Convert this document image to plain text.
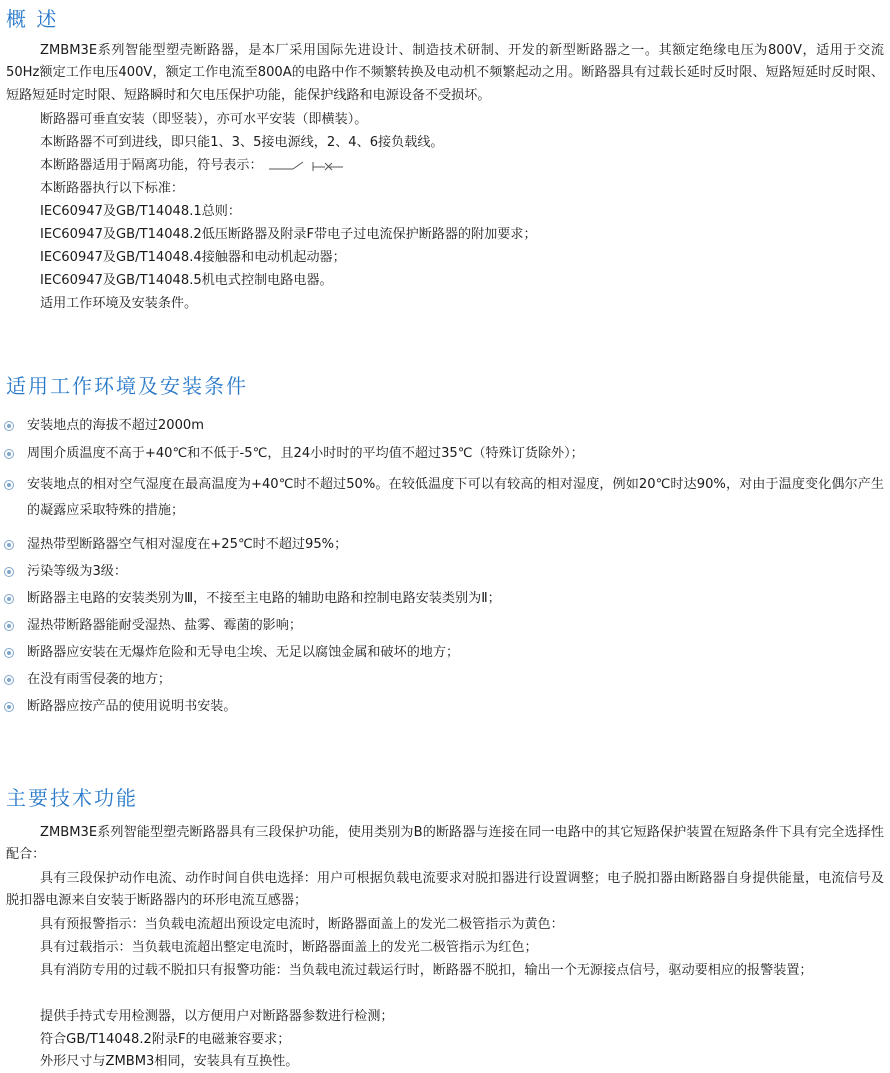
概 述

ZMBM3E系列智能型塑壳断路器，是本厂采用国际先进设计、制造技术研制、开发的新型断路器之一。其额定绝缘电压为800V，适用于交流50Hz额定工作电压400V，额定工作电流至800A的电路中作不频繁转换及电动机不频繁起动之用。断路器具有过载长延时反时限、短路短延时反时限、短路短延时定时限、短路瞬时和欠电压保护功能，能保护线路和电源设备不受损坏。

断路器可垂直安装（即竖装），亦可水平安装（即横装）。

本断路器不可到进线，即只能1、3、5接电源线，2、4、6接负载线。

本断路器适用于隔离功能，符号表示：

本断路器执行以下标准：

IEC60947及GB/T14048.1总则：

IEC60947及GB/T14048.2低压断路器及附录F带电子过电流保护断路器的附加要求；

IEC60947及GB/T14048.4接触器和电动机起动器；

IEC60947及GB/T14048.5机电式控制电路电器。

适用工作环境及安装条件。

适用工作环境及安装条件
安装地点的海拔不超过2000m
周围介质温度不高于+40℃和不低于-5℃，且24小时时的平均值不超过35℃（特殊订货除外）；
安装地点的相对空气湿度在最高温度为+40℃时不超过50%。在较低温度下可以有较高的相对湿度，例如20℃时达90%，对由于温度变化偶尔产生的凝露应采取特殊的措施；
湿热带型断路器空气相对湿度在+25℃时不超过95%；
污染等级为3级：
断路器主电路的安装类别为Ⅲ，不接至主电路的辅助电路和控制电路安装类别为Ⅱ；
湿热带断路器能耐受湿热、盐雾、霉菌的影响；
断路器应安装在无爆炸危险和无导电尘埃、无足以腐蚀金属和破坏的地方；
在没有雨雪侵袭的地方；
断路器应按产品的使用说明书安装。
主要技术功能

ZMBM3E系列智能型塑壳断路器具有三段保护功能，使用类别为B的断路器与连接在同一电路中的其它短路保护装置在短路条件下具有完全选择性配合：

具有三段保护动作电流、动作时间自供电选择：用户可根据负载电流要求对脱扣器进行设置调整；电子脱扣器由断路器自身提供能量，电流信号及脱扣器电源来自安装于断路器内的环形电流互感器；

具有预报警指示：当负载电流超出预设定电流时，断路器面盖上的发光二极管指示为黄色：

具有过载指示：当负载电流超出整定电流时，断路器面盖上的发光二极管指示为红色；

具有消防专用的过载不脱扣只有报警功能：当负载电流过载运行时，断路器不脱扣，输出一个无源接点信号，驱动要相应的报警装置；

提供手持式专用检测器，以方便用户对断路器参数进行检测；

符合GB/T14048.2附录F的电磁兼容要求；

外形尺寸与ZMBM3相同，安装具有互换性。
